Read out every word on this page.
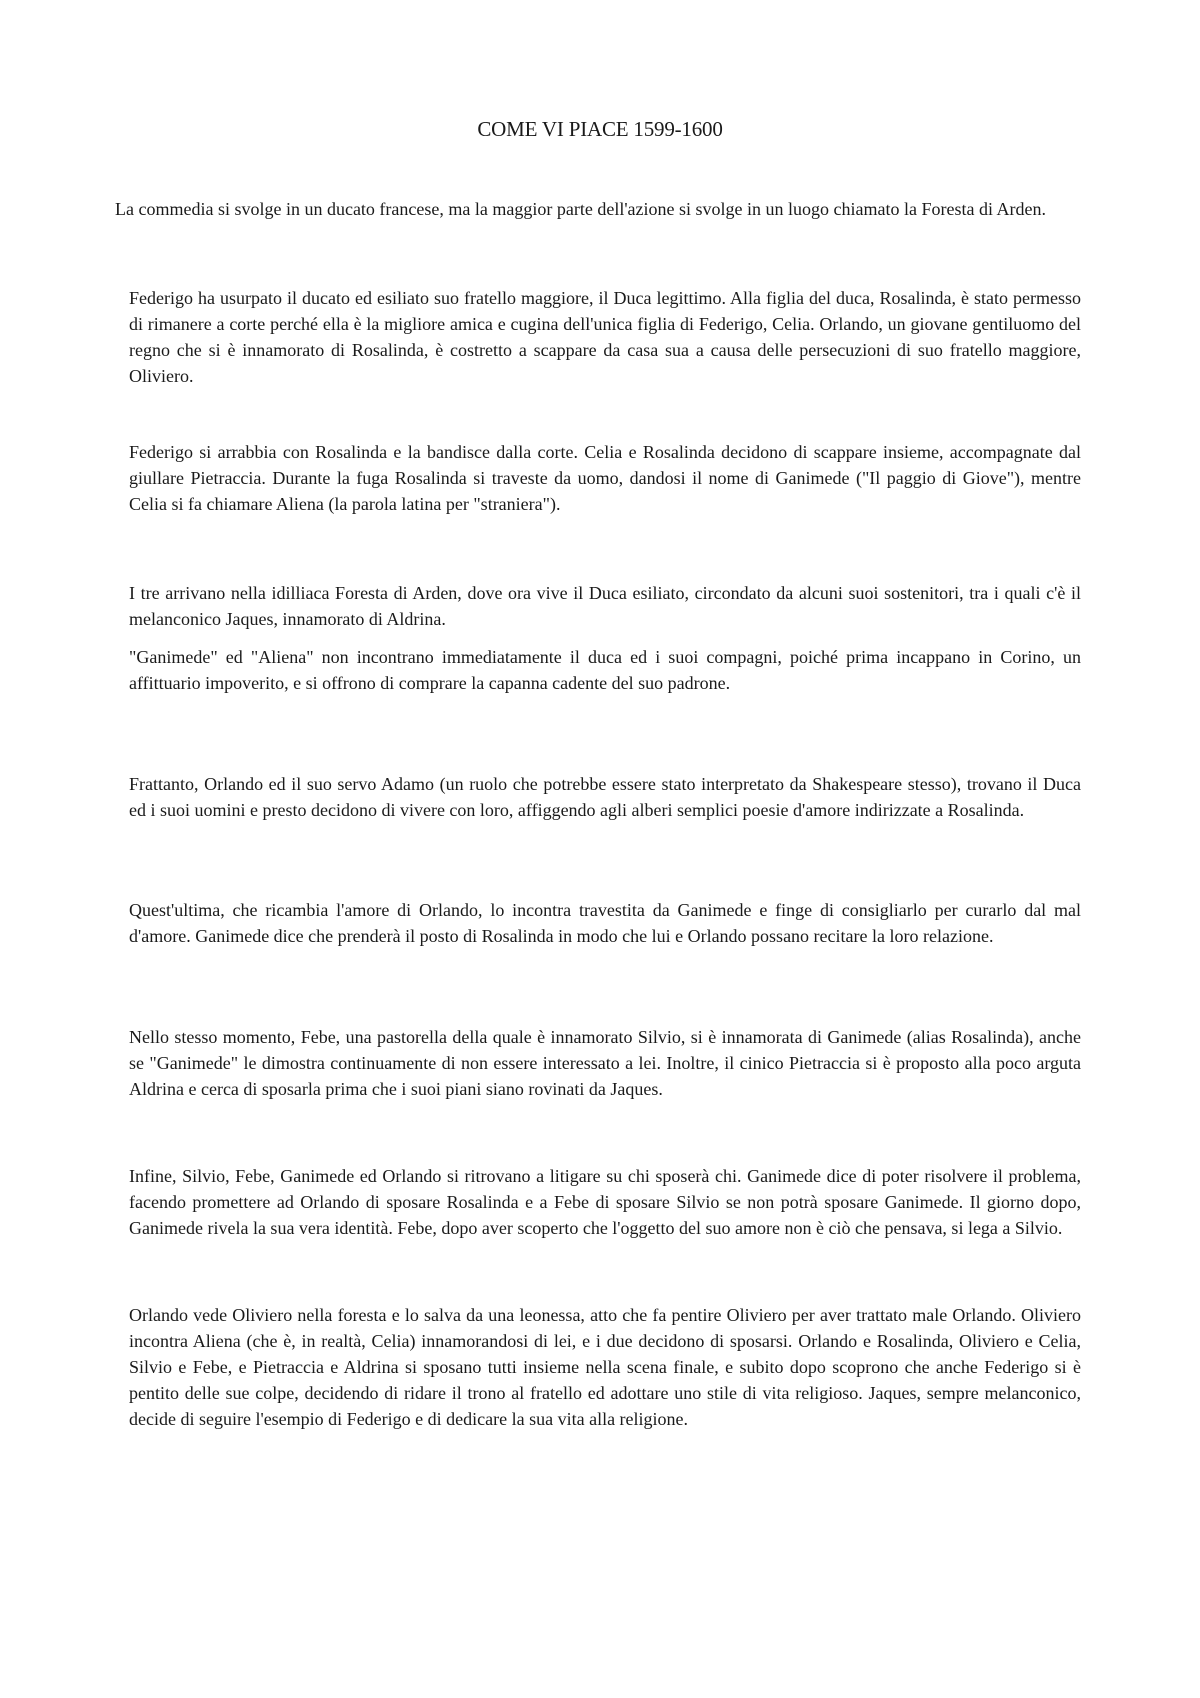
COME VI PIACE 1599-1600

La commedia si svolge in un ducato francese, ma la maggior parte dell'azione si svolge in un luogo chiamato la Foresta di Arden.

Federigo ha usurpato il ducato ed esiliato suo fratello maggiore, il Duca legittimo. Alla figlia del duca, Rosalinda, è stato permesso di rimanere a corte perché ella è la migliore amica e cugina dell'unica figlia di Federigo, Celia. Orlando, un giovane gentiluomo del regno che si è innamorato di Rosalinda, è costretto a scappare da casa sua a causa delle persecuzioni di suo fratello maggiore, Oliviero.

Federigo si arrabbia con Rosalinda e la bandisce dalla corte. Celia e Rosalinda decidono di scappare insieme, accompagnate dal giullare Pietraccia. Durante la fuga Rosalinda si traveste da uomo, dandosi il nome di Ganimede ("Il paggio di Giove"), mentre Celia si fa chiamare Aliena (la parola latina per "straniera").

I tre arrivano nella idilliaca Foresta di Arden, dove ora vive il Duca esiliato, circondato da alcuni suoi sostenitori, tra i quali c'è il melanconico Jaques, innamorato di Aldrina.

"Ganimede" ed "Aliena" non incontrano immediatamente il duca ed i suoi compagni, poiché prima incappano in Corino, un affittuario impoverito, e si offrono di comprare la capanna cadente del suo padrone.

Frattanto, Orlando ed il suo servo Adamo (un ruolo che potrebbe essere stato interpretato da Shakespeare stesso), trovano il Duca ed i suoi uomini e presto decidono di vivere con loro, affiggendo agli alberi semplici poesie d'amore indirizzate a Rosalinda.

Quest'ultima, che ricambia l'amore di Orlando, lo incontra travestita da Ganimede e finge di consigliarlo per curarlo dal mal d'amore. Ganimede dice che prenderà il posto di Rosalinda in modo che lui e Orlando possano recitare la loro relazione.

Nello stesso momento, Febe, una pastorella della quale è innamorato Silvio, si è innamorata di Ganimede (alias Rosalinda), anche se "Ganimede" le dimostra continuamente di non essere interessato a lei. Inoltre, il cinico Pietraccia si è proposto alla poco arguta Aldrina e cerca di sposarla prima che i suoi piani siano rovinati da Jaques.

Infine, Silvio, Febe, Ganimede ed Orlando si ritrovano a litigare su chi sposerà chi. Ganimede dice di poter risolvere il problema, facendo promettere ad Orlando di sposare Rosalinda e a Febe di sposare Silvio se non potrà sposare Ganimede. Il giorno dopo, Ganimede rivela la sua vera identità. Febe, dopo aver scoperto che l'oggetto del suo amore non è ciò che pensava, si lega a Silvio.

Orlando vede Oliviero nella foresta e lo salva da una leonessa, atto che fa pentire Oliviero per aver trattato male Orlando. Oliviero incontra Aliena (che è, in realtà, Celia) innamorandosi di lei, e i due decidono di sposarsi. Orlando e Rosalinda, Oliviero e Celia, Silvio e Febe, e Pietraccia e Aldrina si sposano tutti insieme nella scena finale, e subito dopo scoprono che anche Federigo si è pentito delle sue colpe, decidendo di ridare il trono al fratello ed adottare uno stile di vita religioso. Jaques, sempre melanconico, decide di seguire l'esempio di Federigo e di dedicare la sua vita alla religione.
